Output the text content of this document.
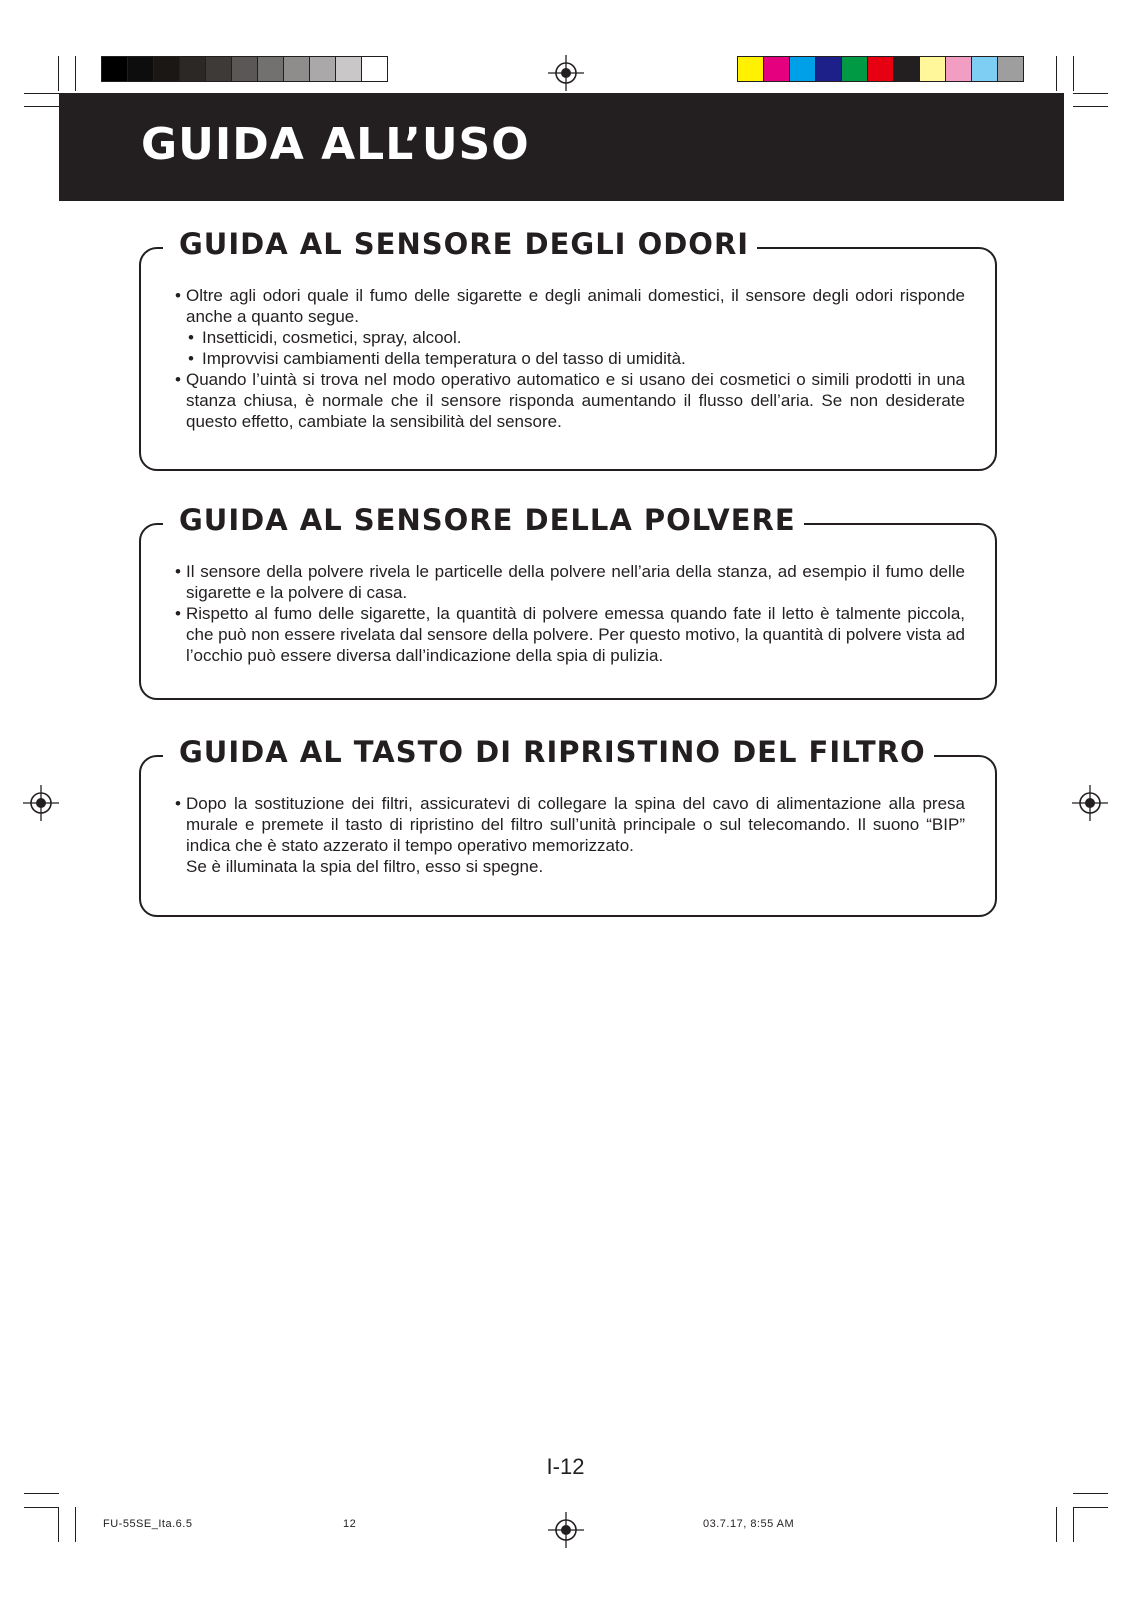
GUIDA ALL’USO
GUIDA AL SENSORE DEGLI ODORI

• Oltre agli odori quale il fumo delle sigarette e degli animali domestici, il sensore degli odori risponde anche a quanto segue.

• Insetticidi, cosmetici, spray, alcool.

• Improvvisi cambiamenti della temperatura o del tasso di umidità.

• Quando l’uintà si trova nel modo operativo automatico e si usano dei cosmetici o simili prodotti in una stanza chiusa, è normale che il sensore risponda aumentando il flusso dell’aria. Se non desiderate questo effetto, cambiate la sensibilità del sensore.

GUIDA AL SENSORE DELLA POLVERE

• Il sensore della polvere rivela le particelle della polvere nell’aria della stanza, ad esempio il fumo delle sigarette e la polvere di casa.

• Rispetto al fumo delle sigarette, la quantità di polvere emessa quando fate il letto è talmente piccola, che può non essere rivelata dal sensore della polvere. Per questo motivo, la quantità di polvere vista ad l’occhio può essere diversa dall’indicazione della spia di pulizia.

GUIDA AL TASTO DI RIPRISTINO DEL FILTRO

• Dopo la sostituzione dei filtri, assicuratevi di collegare la spina del cavo di alimentazione alla presa murale e premete il tasto di ripristino del filtro sull’unità principale o sul telecomando. Il suono “BIP” indica che è stato azzerato il tempo operativo memorizzato.

Se è illuminata la spia del filtro, esso si spegne.

I-12
FU-55SE_Ita.6.5	12	03.7.17, 8:55 AM
